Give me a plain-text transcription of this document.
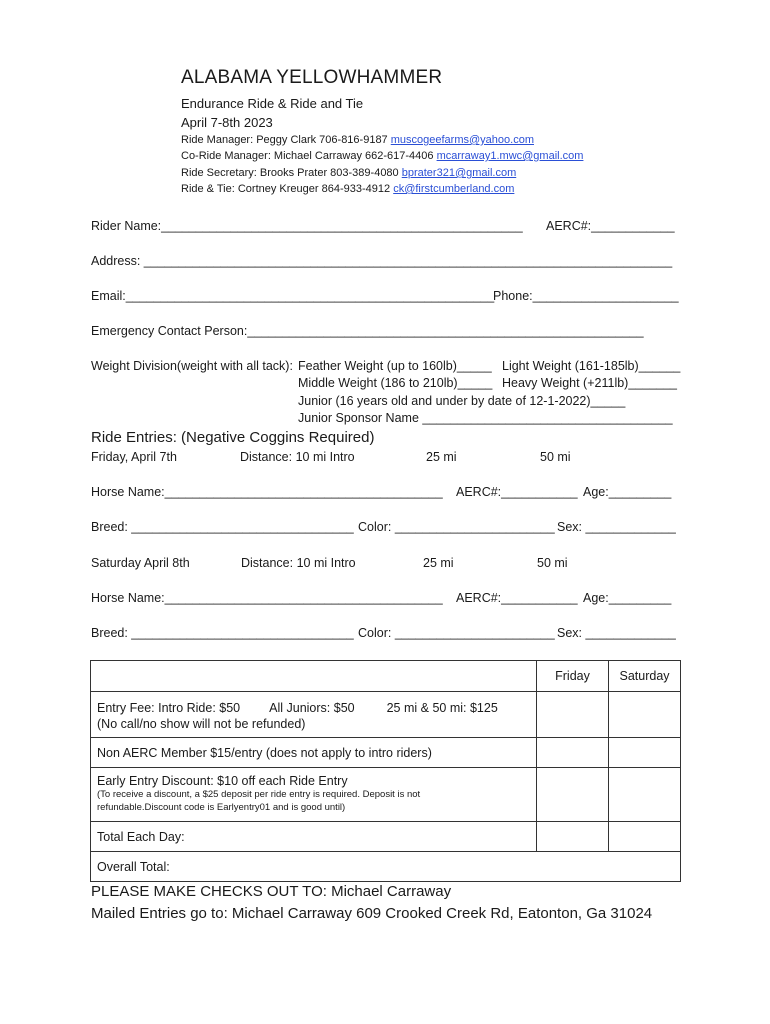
ALABAMA YELLOWHAMMER
Endurance Ride & Ride and Tie
April 7-8th 2023
Ride Manager: Peggy Clark 706-816-9187 muscogeefarms@yahoo.com
Co-Ride Manager: Michael Carraway 662-617-4406 mcarraway1.mwc@gmail.com
Ride Secretary: Brooks Prater 803-389-4080 bprater321@gmail.com
Ride & Tie: Cortney Kreuger 864-933-4912 ck@firstcumberland.com
Rider Name:____________________________________________________ AERC#:____________
Address: ____________________________________________________________________________
Email:_____________________________________________________
Phone:_____________________
Emergency Contact Person:_________________________________________________________
Weight Division(weight with all tack): Feather Weight (up to 160lb)_____ Light Weight (161-185lb)______
Middle Weight (186 to 210lb)_____ Heavy Weight (+211lb)_______
Junior (16 years old and under by date of 12-1-2022)_____
Junior Sponsor Name ____________________________________
Ride Entries: (Negative Coggins Required)
Friday, April 7th	Distance: 10 mi Intro	25 mi	50 mi
Horse Name:________________________________________ AERC#:___________ Age:_________
Breed: ________________________________ Color: _______________________ Sex: _____________
Saturday April 8th	Distance: 10 mi Intro	25 mi	50 mi
Horse Name:________________________________________ AERC#:___________ Age:_________
Breed: ________________________________ Color: _______________________ Sex: _____________
	Friday	Saturday

Entry Fee: Intro Ride: $50 All Juniors: $50 25 mi & 50 mi: $125
(No call/no show will not be refunded)		

Non AERC Member $15/entry (does not apply to intro riders)		

Early Entry Discount: $10 off each Ride Entry
(To receive a discount, a $25 deposit per ride entry is required. Deposit is not
refundable.Discount code is Earlyentry01 and is good until)		

Total Each Day:		
Overall Total:		
PLEASE MAKE CHECKS OUT TO: Michael Carraway
Mailed Entries go to: Michael Carraway 609 Crooked Creek Rd, Eatonton, Ga 31024
